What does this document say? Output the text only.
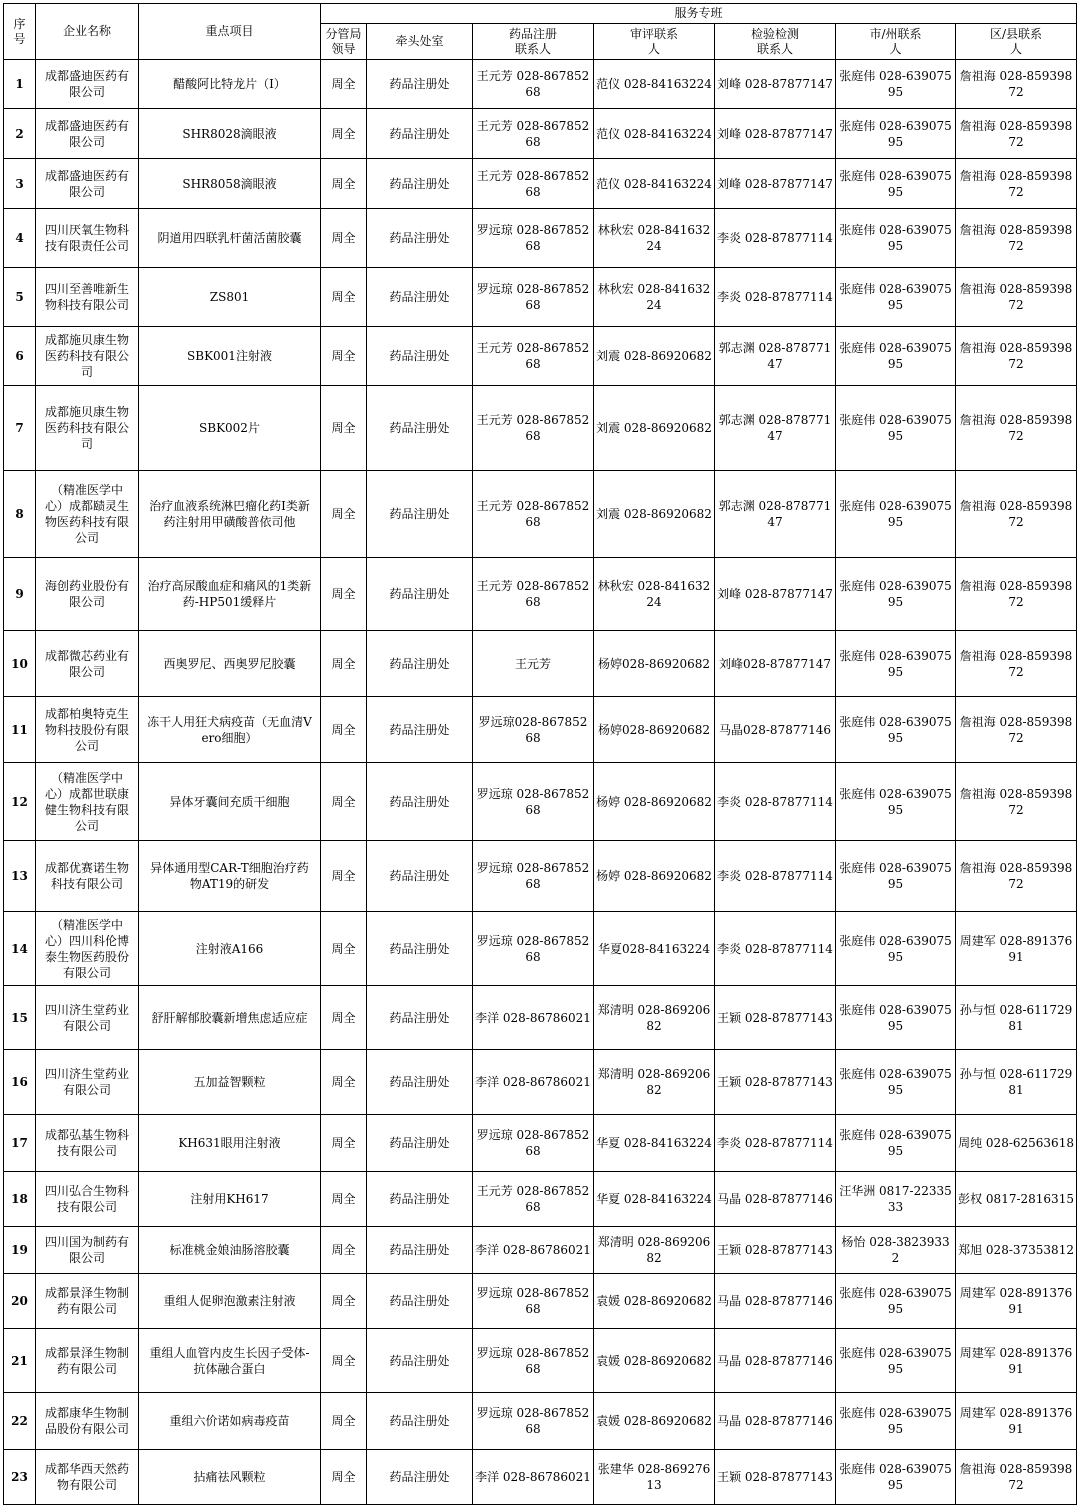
序号	企业名称	重点项目	服务专班						
			分管局领导	牵头处室	药品注册联系人	审评联系人	检验检测联系人	市/州联系人	区/县联系人
1	成都盛迪医药有限公司	醋酸阿比特龙片（Ⅰ）	周全	药品注册处	王元芳 028-86785268	范仪 028-84163224	刘峰 028-87877147	张庭伟 028-63907595	詹祖海 028-85939872
2	成都盛迪医药有限公司	SHR8028滴眼液	周全	药品注册处	王元芳 028-86785268	范仪 028-84163224	刘峰 028-87877147	张庭伟 028-63907595	詹祖海 028-85939872
3	成都盛迪医药有限公司	SHR8058滴眼液	周全	药品注册处	王元芳 028-86785268	范仪 028-84163224	刘峰 028-87877147	张庭伟 028-63907595	詹祖海 028-85939872
4	四川厌氧生物科技有限责任公司	阴道用四联乳杆菌活菌胶囊	周全	药品注册处	罗远琼 028-86785268	林秋宏 028-84163224	李炎 028-87877114	张庭伟 028-63907595	詹祖海 028-85939872
5	四川至善唯新生物科技有限公司	ZS801	周全	药品注册处	罗远琼 028-86785268	林秋宏 028-84163224	李炎 028-87877114	张庭伟 028-63907595	詹祖海 028-85939872
6	成都施贝康生物医药科技有限公司	SBK001注射液	周全	药品注册处	王元芳 028-86785268	刘震 028-86920682	郭志渊 028-87877147	张庭伟 028-63907595	詹祖海 028-85939872
7	成都施贝康生物医药科技有限公司	SBK002片	周全	药品注册处	王元芳 028-86785268	刘震 028-86920682	郭志渊 028-87877147	张庭伟 028-63907595	詹祖海 028-85939872
8	（精准医学中心）成都赜灵生物医药科技有限公司	治疗血液系统淋巴瘤化药Ⅰ类新药注射用甲磺酸普依司他	周全	药品注册处	王元芳 028-86785268	刘震 028-86920682	郭志渊 028-87877147	张庭伟 028-63907595	詹祖海 028-85939872
9	海创药业股份有限公司	治疗高尿酸血症和痛风的1类新药-HP501缓释片	周全	药品注册处	王元芳 028-86785268	林秋宏 028-84163224	刘峰 028-87877147	张庭伟 028-63907595	詹祖海 028-85939872
10	成都微芯药业有限公司	西奥罗尼、西奥罗尼胶囊	周全	药品注册处	王元芳	杨婷028-86920682	刘峰028-87877147	张庭伟 028-63907595	詹祖海 028-85939872
11	成都柏奥特克生物科技股份有限公司	冻干人用狂犬病疫苗（无血清Vero细胞）	周全	药品注册处	罗远琼028-86785268	杨婷028-86920682	马晶028-87877146	张庭伟 028-63907595	詹祖海 028-85939872
12	（精准医学中心）成都世联康健生物科技有限公司	异体牙囊间充质干细胞	周全	药品注册处	罗远琼 028-86785268	杨婷 028-86920682	李炎 028-87877114	张庭伟 028-63907595	詹祖海 028-85939872
13	成都优赛诺生物科技有限公司	异体通用型CAR-T细胞治疗药物AT19的研发	周全	药品注册处	罗远琼 028-86785268	杨婷 028-86920682	李炎 028-87877114	张庭伟 028-63907595	詹祖海 028-85939872
14	（精准医学中心）四川科伦博泰生物医药股份有限公司	注射液A166	周全	药品注册处	罗远琼 028-86785268	华夏028-84163224	李炎 028-87877114	张庭伟 028-63907595	周建军 028-89137691
15	四川济生堂药业有限公司	舒肝解郁胶囊新增焦虑适应症	周全	药品注册处	李洋 028-86786021	郑清明 028-86920682	王颖 028-87877143	张庭伟 028-63907595	孙与恒 028-61172981
16	四川济生堂药业有限公司	五加益智颗粒	周全	药品注册处	李洋 028-86786021	郑清明 028-86920682	王颖 028-87877143	张庭伟 028-63907595	孙与恒 028-61172981
17	成都弘基生物科技有限公司	KH631眼用注射液	周全	药品注册处	罗远琼 028-86785268	华夏 028-84163224	李炎 028-87877114	张庭伟 028-63907595	周纯 028-62563618
18	四川弘合生物科技有限公司	注射用KH617	周全	药品注册处	王元芳 028-86785268	华夏 028-84163224	马晶 028-87877146	汪华洲 0817-2233533	彭权 0817-2816315
19	四川国为制药有限公司	标准桃金娘油肠溶胶囊	周全	药品注册处	李洋 028-86786021	郑清明 028-86920682	王颖 028-87877143	杨怡 028-38239332	郑旭 028-37353812
20	成都景泽生物制药有限公司	重组人促卵泡激素注射液	周全	药品注册处	罗远琼 028-86785268	袁媛 028-86920682	马晶 028-87877146	张庭伟 028-63907595	周建军 028-89137691
21	成都景泽生物制药有限公司	重组人血管内皮生长因子受体-抗体融合蛋白	周全	药品注册处	罗远琼 028-86785268	袁媛 028-86920682	马晶 028-87877146	张庭伟 028-63907595	周建军 028-89137691
22	成都康华生物制品股份有限公司	重组六价诺如病毒疫苗	周全	药品注册处	罗远琼 028-86785268	袁媛 028-86920682	马晶 028-87877146	张庭伟 028-63907595	周建军 028-89137691
23	成都华西天然药物有限公司	拈痛祛风颗粒	周全	药品注册处	李洋 028-86786021	张建华 028-86927613	王颖 028-87877143	张庭伟 028-63907595	詹祖海 028-85939872
